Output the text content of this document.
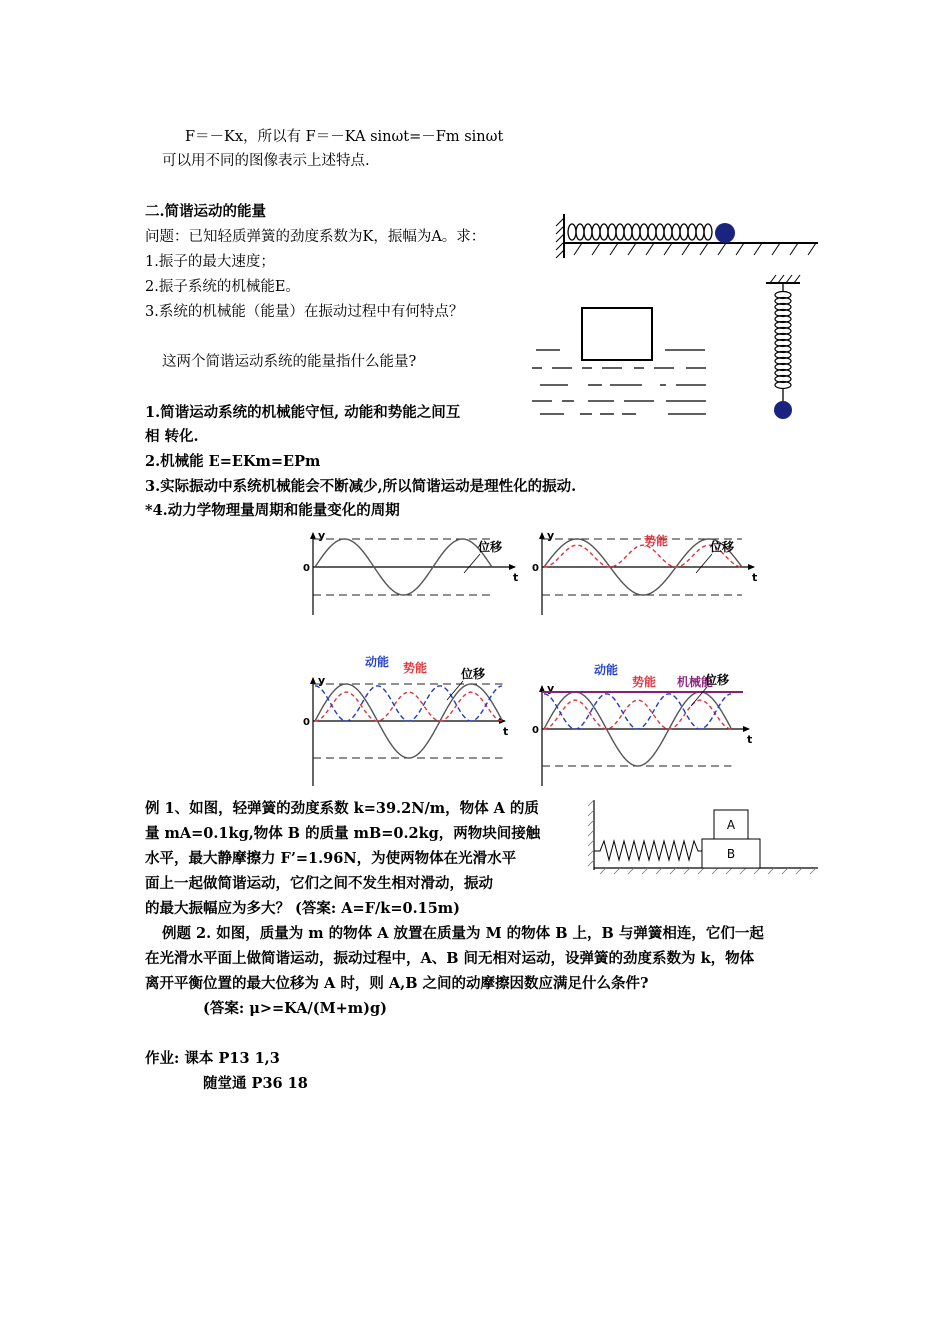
F＝－Kx，所以有 F＝－KA sinωt=－Fm sinωt
可以用不同的图像表示上述特点.
二.简谐运动的能量
问题：已知轻质弹簧的劲度系数为K，振幅为A。求：
1.振子的最大速度；
2.振子系统的机械能E。
3.系统的机械能（能量）在振动过程中有何特点？
这两个简谐运动系统的能量指什么能量?
1.简谐运动系统的机械能守恒, 动能和势能之间互
相 转化.
2.机械能 E=EKm=EPm
3.实际振动中系统机械能会不断减少,所以简谐运动是理性化的振动.
*4.动力学物理量周期和能量变化的周期
y
t
0
位移
y
t
0
位移
势能
y
t
0
位移
势能
动能
y
t
0
机械能
位移
势能
动能
例 1、如图，轻弹簧的劲度系数 k=39.2N/m，物体 A 的质
量 mA=0.1kg,物体 B 的质量 mB=0.2kg，两物块间接触
水平，最大静摩擦力 F’=1.96N，为使两物体在光滑水平
面上一起做简谐运动，它们之间不发生相对滑动，振动
的最大振幅应为多大？ (答案: A=F/k=0.15m)
A
B
例题 2. 如图，质量为 m 的物体 A 放置在质量为 M 的物体 B 上，B 与弹簧相连，它们一起
在光滑水平面上做简谐运动，振动过程中，A、B 间无相对运动，设弹簧的劲度系数为 k，物体
离开平衡位置的最大位移为 A 时，则 A,B 之间的动摩擦因数应满足什么条件?
(答案: μ>=KA/(M+m)g)
作业: 课本 P13 1,3
随堂通 P36 18
